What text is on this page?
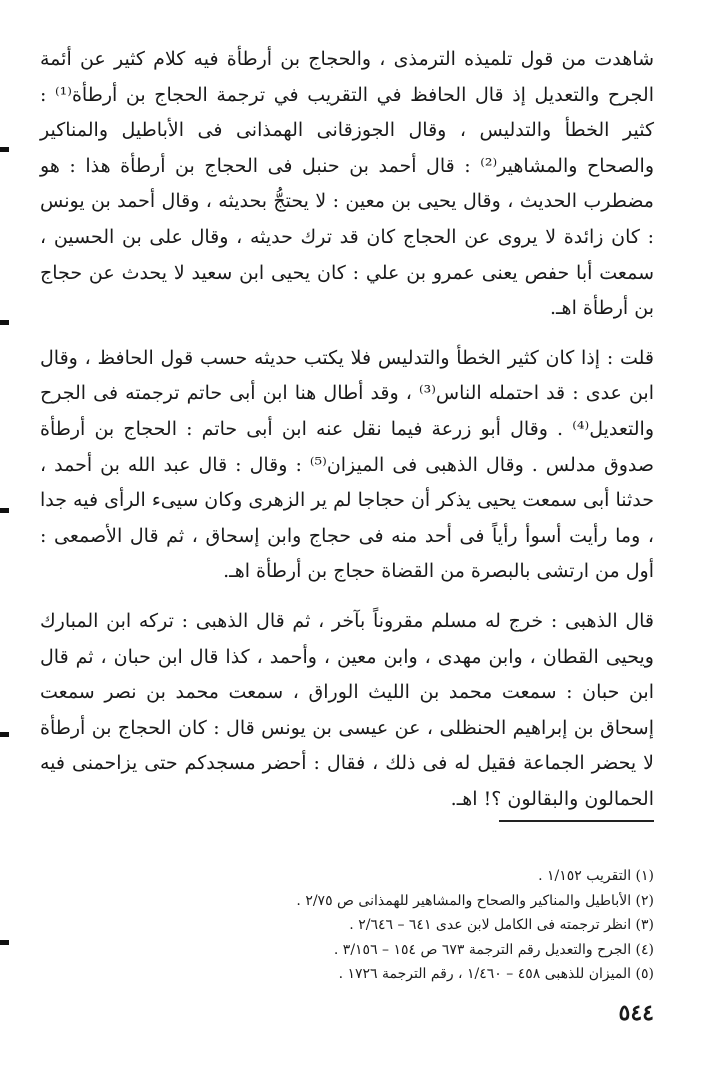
شاهدت من قول تلميذه الترمذى ، والحجاج بن أرطأة فيه كلام كثير عن أئمة الجرح والتعديل إذ قال الحافظ في التقريب في ترجمة الحجاج بن أرطأة⁽¹⁾ : كثير الخطأ والتدليس ، وقال الجوزقانى الهمذانى فى الأباطيل والمناكير والصحاح والمشاهير⁽²⁾ : قال أحمد بن حنبل فى الحجاج بن أرطأة هذا : هو مضطرب الحديث ، وقال يحيى بن معين : لا يحتجُّ بحديثه ، وقال أحمد بن يونس : كان زائدة لا يروى عن الحجاج كان قد ترك حديثه ، وقال على بن الحسين ، سمعت أبا حفص يعنى عمرو بن علي : كان يحيى ابن سعيد لا يحدث عن حجاج بن أرطأة اهـ.

قلت : إذا كان كثير الخطأ والتدليس فلا يكتب حديثه حسب قول الحافظ ، وقال ابن عدى : قد احتمله الناس⁽³⁾ ، وقد أطال هنا ابن أبى حاتم ترجمته فى الجرح والتعديل⁽⁴⁾ . وقال أبو زرعة فيما نقل عنه ابن أبى حاتم : الحجاج بن أرطأة صدوق مدلس . وقال الذهبى فى الميزان⁽⁵⁾ : وقال : قال عبد الله بن أحمد ، حدثنا أبى سمعت يحيى يذكر أن حجاجا لم ير الزهرى وكان سيىء الرأى فيه جدا ، وما رأيت أسوأ رأياً فى أحد منه فى حجاج وابن إسحاق ، ثم قال الأصمعى : أول من ارتشى بالبصرة من القضاة حجاج بن أرطأة اهـ.

قال الذهبى : خرج له مسلم مقروناً بآخر ، ثم قال الذهبى : تركه ابن المبارك ويحيى القطان ، وابن مهدى ، وابن معين ، وأحمد ، كذا قال ابن حبان ، ثم قال ابن حبان : سمعت محمد بن الليث الوراق ، سمعت محمد بن نصر سمعت إسحاق بن إبراهيم الحنظلى ، عن عيسى بن يونس قال : كان الحجاج بن أرطأة لا يحضر الجماعة فقيل له فى ذلك ، فقال : أحضر مسجدكم حتى يزاحمنى فيه الحمالون والبقالون ؟! اهـ.

(١) التقريب ١/١٥٢ .
(٢) الأباطيل والمناكير والصحاح والمشاهير للهمذانى ص ٢/٧٥ .
(٣) انظر ترجمته فى الكامل لابن عدى ٦٤١ – ٢/٦٤٦ .
(٤) الجرح والتعديل رقم الترجمة ٦٧٣ ص ١٥٤ – ٣/١٥٦ .
(٥) الميزان للذهبى ٤٥٨ – ١/٤٦٠ ، رقم الترجمة ١٧٢٦ .
٥٤٤
